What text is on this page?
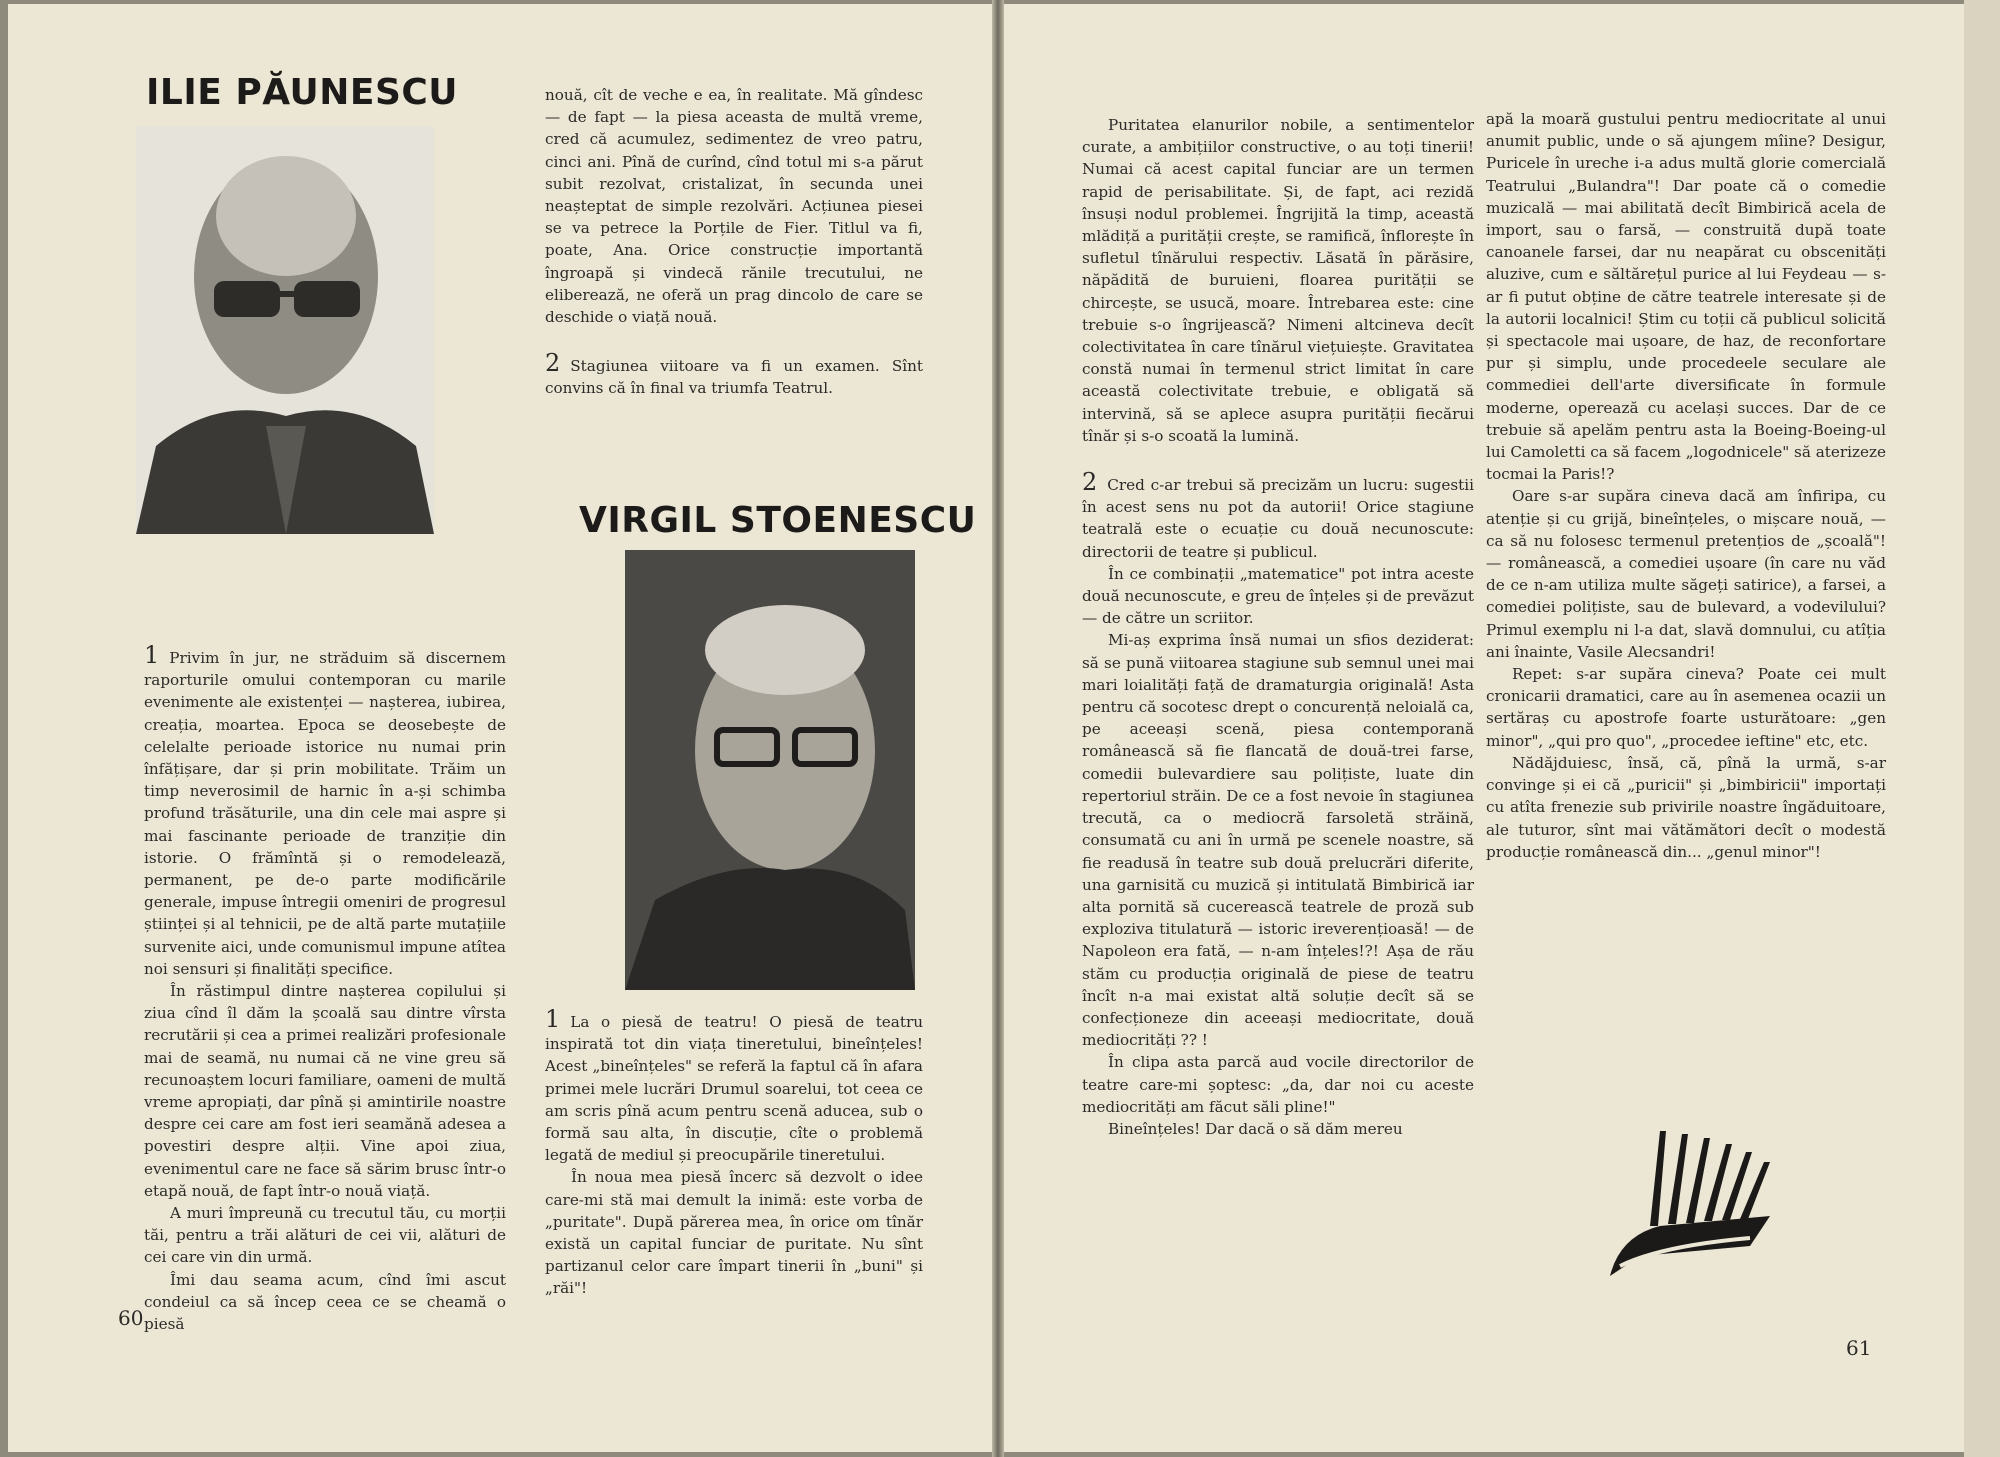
ILIE PĂUNESCU

1 Privim în jur, ne străduim să discernem raporturile omului contemporan cu marile evenimente ale existenței — nașterea, iubirea, creația, moartea. Epoca se deosebește de celelalte perioade istorice nu numai prin înfățișare, dar și prin mobilitate. Trăim un timp neverosimil de harnic în a-și schimba profund trăsăturile, una din cele mai aspre și mai fascinante perioade de tranziție din istorie. O frămîntă și o remodelează, permanent, pe de-o parte modificările generale, impuse întregii omeniri de progresul științei și al tehnicii, pe de altă parte mutațiile survenite aici, unde comunismul impune atîtea noi sensuri și finalități specifice.

În răstimpul dintre nașterea copilului și ziua cînd îl dăm la școală sau dintre vîrsta recrutării și cea a primei realizări profesionale mai de seamă, nu numai că ne vine greu să recunoaștem locuri familiare, oameni de multă vreme apropiați, dar pînă și amintirile noastre despre cei care am fost ieri seamănă adesea a povestiri despre alții. Vine apoi ziua, evenimentul care ne face să sărim brusc într-o etapă nouă, de fapt într-o nouă viață.

A muri împreună cu trecutul tău, cu morții tăi, pentru a trăi alături de cei vii, alături de cei care vin din urmă.

Îmi dau seama acum, cînd îmi ascut condeiul ca să încep ceea ce se cheamă o piesă

nouă, cît de veche e ea, în realitate. Mă gîndesc — de fapt — la piesa aceasta de multă vreme, cred că acumulez, sedimentez de vreo patru, cinci ani. Pînă de curînd, cînd totul mi s-a părut subit rezolvat, cristalizat, în secunda unei neașteptat de simple rezolvări. Acțiunea piesei se va petrece la Porțile de Fier. Titlul va fi, poate, Ana. Orice construcție importantă îngroapă și vindecă rănile trecutului, ne eliberează, ne oferă un prag dincolo de care se deschide o viață nouă.

2 Stagiunea viitoare va fi un examen. Sînt convins că în final va triumfa Teatrul.

VIRGIL STOENESCU

1 La o piesă de teatru! O piesă de teatru inspirată tot din viața tineretului, bineînțeles! Acest „bineînțeles" se referă la faptul că în afara primei mele lucrări Drumul soarelui, tot ceea ce am scris pînă acum pentru scenă aducea, sub o formă sau alta, în discuție, cîte o problemă legată de mediul și preocupările tineretului.

În noua mea piesă încerc să dezvolt o idee care-mi stă mai demult la inimă: este vorba de „puritate". După părerea mea, în orice om tînăr există un capital funciar de puritate. Nu sînt partizanul celor care împart tinerii în „buni" și „răi"!

60

Puritatea elanurilor nobile, a sentimentelor curate, a ambițiilor constructive, o au toți tinerii! Numai că acest capital funciar are un termen rapid de perisabilitate. Și, de fapt, aci rezidă însuși nodul problemei. Îngrijită la timp, această mlădiță a purității crește, se ramifică, înflorește în sufletul tînărului respectiv. Lăsată în părăsire, năpădită de buruieni, floarea purității se chircește, se usucă, moare. Întrebarea este: cine trebuie s-o îngrijească? Nimeni altcineva decît colectivitatea în care tînărul viețuiește. Gravitatea constă numai în termenul strict limitat în care această colectivitate trebuie, e obligată să intervină, să se aplece asupra purității fiecărui tînăr și s-o scoată la lumină.

2 Cred c-ar trebui să precizăm un lucru: sugestii în acest sens nu pot da autorii! Orice stagiune teatrală este o ecuație cu două necunoscute: directorii de teatre și publicul.

În ce combinații „matematice" pot intra aceste două necunoscute, e greu de înțeles și de prevăzut — de către un scriitor.

Mi-aș exprima însă numai un sfios deziderat: să se pună viitoarea stagiune sub semnul unei mai mari loialități față de dramaturgia originală! Asta pentru că socotesc drept o concurență neloială ca, pe aceeași scenă, piesa contemporană românească să fie flancată de două-trei farse, comedii bulevardiere sau polițiste, luate din repertoriul străin. De ce a fost nevoie în stagiunea trecută, ca o mediocră farsoletă străină, consumată cu ani în urmă pe scenele noastre, să fie readusă în teatre sub două prelucrări diferite, una garnisită cu muzică și intitulată Bimbirică iar alta pornită să cucerească teatrele de proză sub exploziva titulatură — istoric ireverențioasă! — de Napoleon era fată, — n-am înțeles!?! Așa de rău stăm cu producția originală de piese de teatru încît n-a mai existat altă soluție decît să se confecționeze din aceeași mediocritate, două mediocrități ?? !

În clipa asta parcă aud vocile directorilor de teatre care-mi șoptesc: „da, dar noi cu aceste mediocrități am făcut săli pline!"

Bineînțeles! Dar dacă o să dăm mereu

apă la moară gustului pentru mediocritate al unui anumit public, unde o să ajungem mîine? Desigur, Puricele în ureche i-a adus multă glorie comercială Teatrului „Bulandra"! Dar poate că o comedie muzicală — mai abilitată decît Bimbirică acela de import, sau o farsă, — construită după toate canoanele farsei, dar nu neapărat cu obscenități aluzive, cum e săltărețul purice al lui Feydeau — s-ar fi putut obține de către teatrele interesate și de la autorii localnici! Știm cu toții că publicul solicită și spectacole mai ușoare, de haz, de reconfortare pur și simplu, unde procedeele seculare ale commediei dell'arte diversificate în formule moderne, operează cu același succes. Dar de ce trebuie să apelăm pentru asta la Boeing-Boeing-ul lui Camoletti ca să facem „logodnicele" să aterizeze tocmai la Paris!?

Oare s-ar supăra cineva dacă am înfiripa, cu atenție și cu grijă, bineînțeles, o mișcare nouă, — ca să nu folosesc termenul pretențios de „școală"! — românească, a comediei ușoare (în care nu văd de ce n-am utiliza multe săgeți satirice), a farsei, a comediei polițiste, sau de bulevard, a vodevilului? Primul exemplu ni l-a dat, slavă domnului, cu atîția ani înainte, Vasile Alecsandri!

Repet: s-ar supăra cineva? Poate cei mult cronicarii dramatici, care au în asemenea ocazii un sertăraș cu apostrofe foarte usturătoare: „gen minor", „qui pro quo", „procedee ieftine" etc, etc.

Nădăjduiesc, însă, că, pînă la urmă, s-ar convinge și ei că „puricii" și „bimbiricii" importați cu atîta frenezie sub privirile noastre îngăduitoare, ale tuturor, sînt mai vătămători decît o modestă producție românească din... „genul minor"!

61
